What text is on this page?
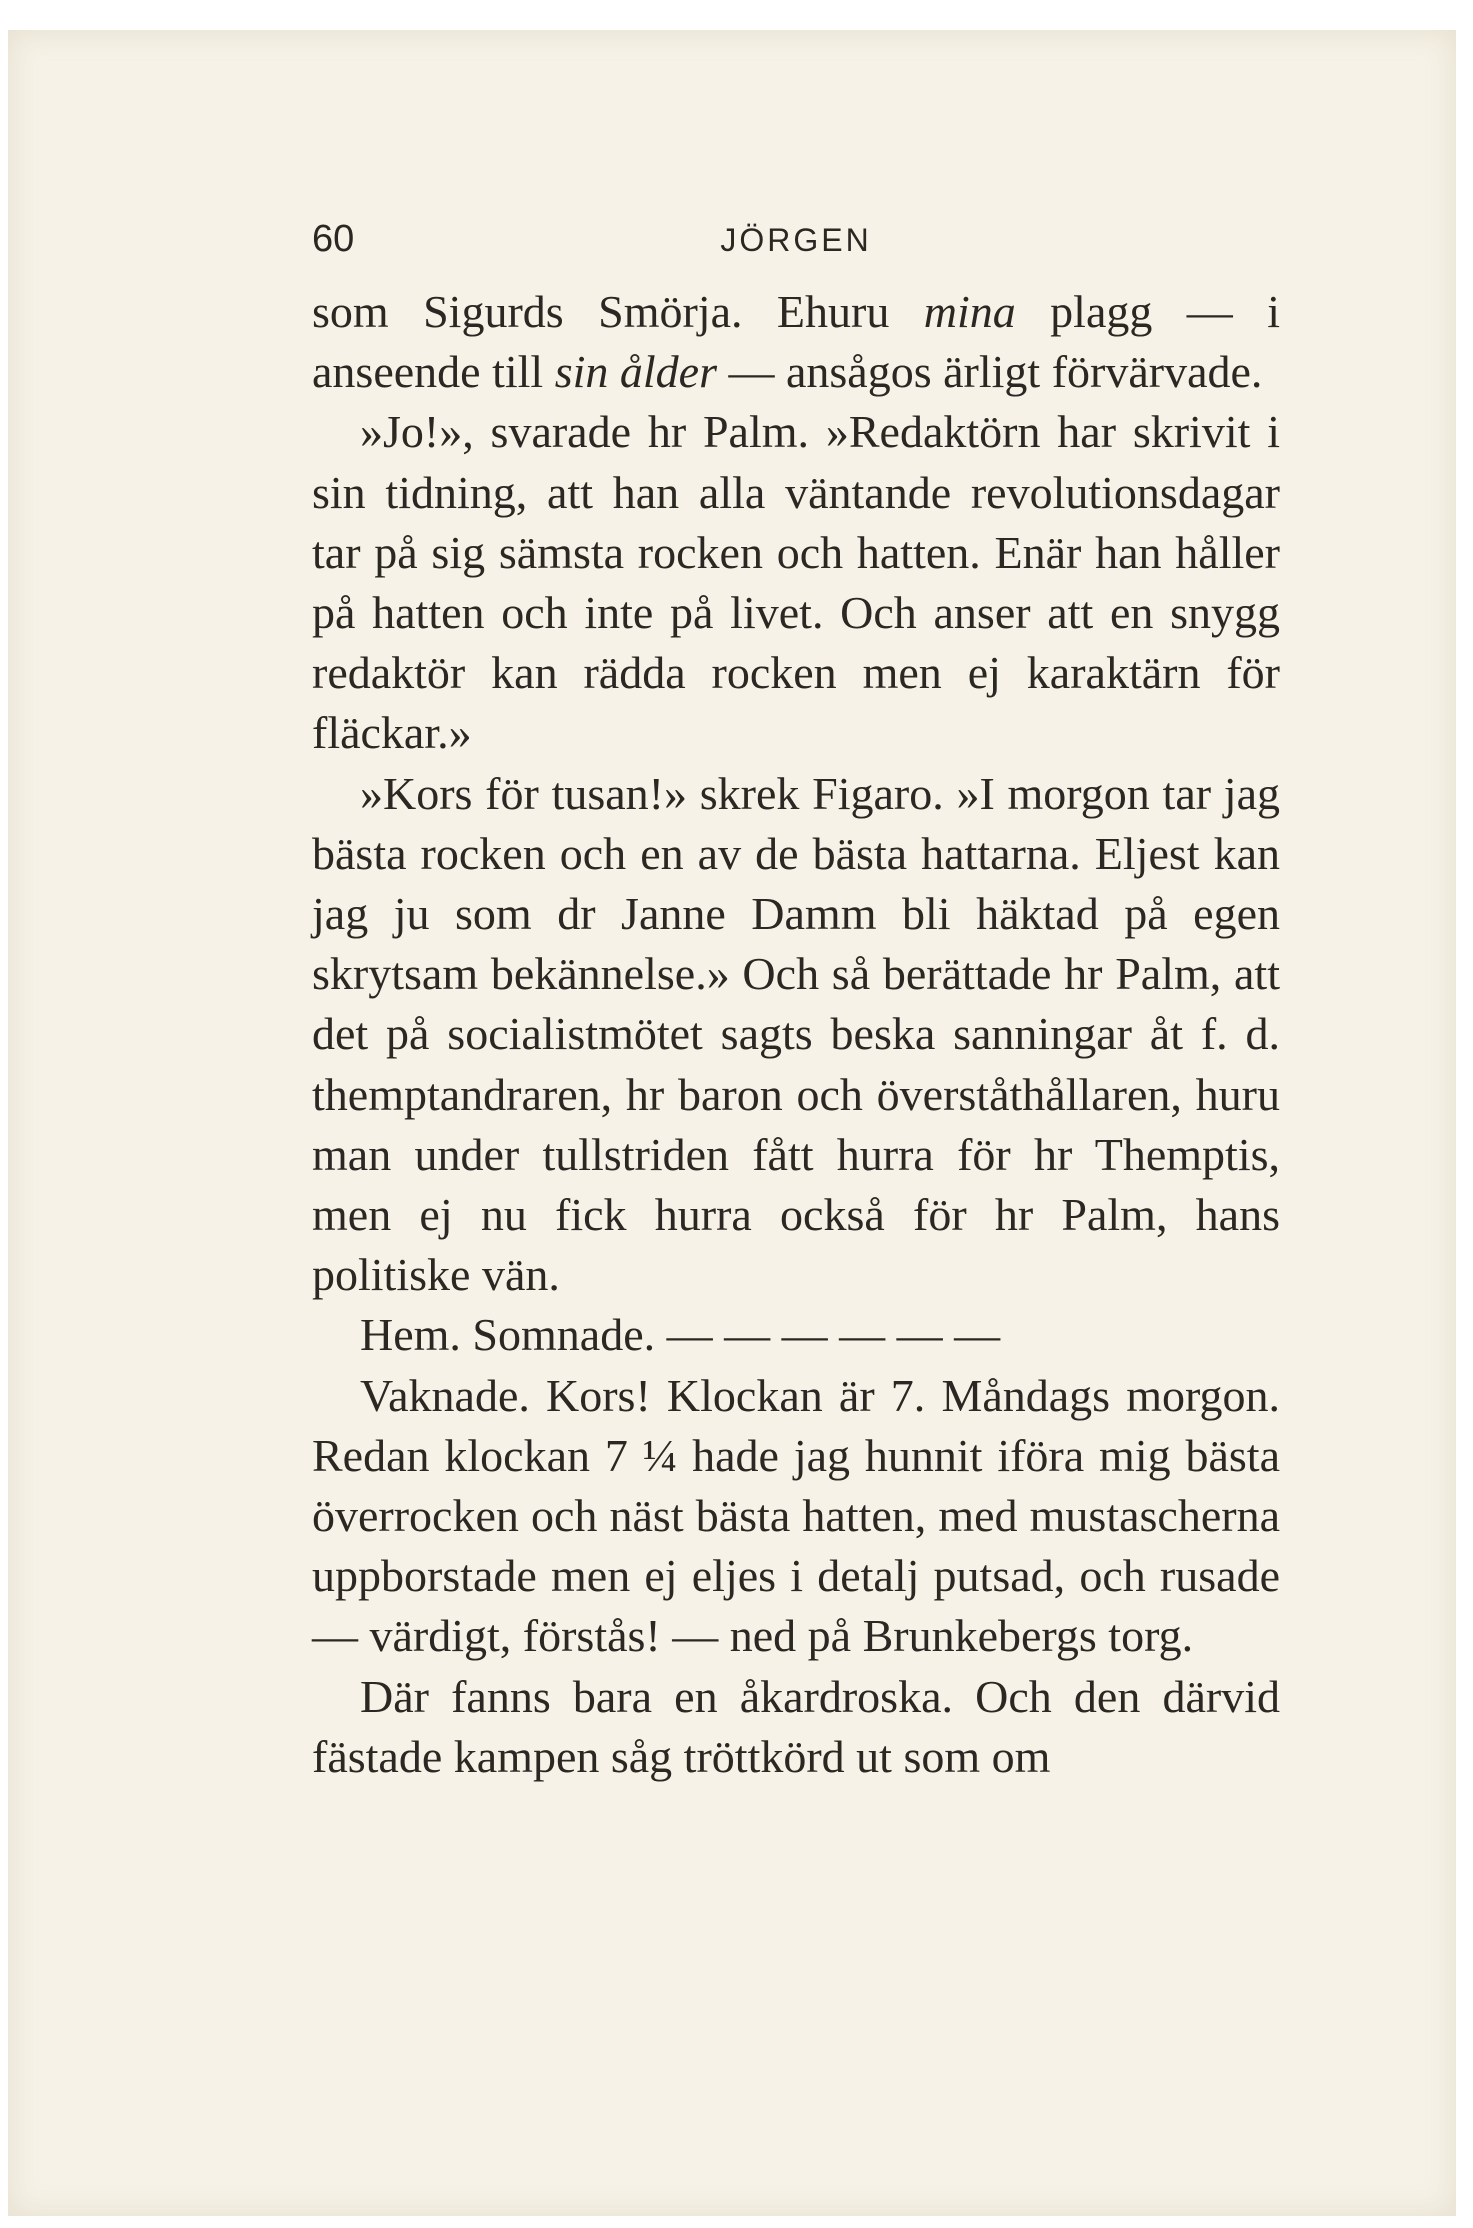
60	JÖRGEN

som Sigurds Smörja. Ehuru mina plagg — i anseende till sin ålder — ansågos ärligt förvärvade.

»Jo!», svarade hr Palm. »Redaktörn har skrivit i sin tidning, att han alla väntande revolutionsdagar tar på sig sämsta rocken och hatten. Enär han håller på hatten och inte på livet. Och anser att en snygg redaktör kan rädda rocken men ej karaktärn för fläckar.»

»Kors för tusan!» skrek Figaro. »I morgon tar jag bästa rocken och en av de bästa hattarna. Eljest kan jag ju som dr Janne Damm bli häktad på egen skrytsam bekännelse.» Och så berättade hr Palm, att det på socialistmötet sagts beska sanningar åt f. d. themptandraren, hr baron och överståthållaren, huru man under tullstriden fått hurra för hr Themptis, men ej nu fick hurra också för hr Palm, hans politiske vän.

Hem. Somnade. — — — — — —

Vaknade. Kors! Klockan är 7. Måndags morgon. Redan klockan 7 ¼ hade jag hunnit iföra mig bästa överrocken och näst bästa hatten, med mustascherna uppborstade men ej eljes i detalj putsad, och rusade — värdigt, förstås! — ned på Brunkebergs torg.

Där fanns bara en åkardroska. Och den därvid fästade kampen såg tröttkörd ut som om
